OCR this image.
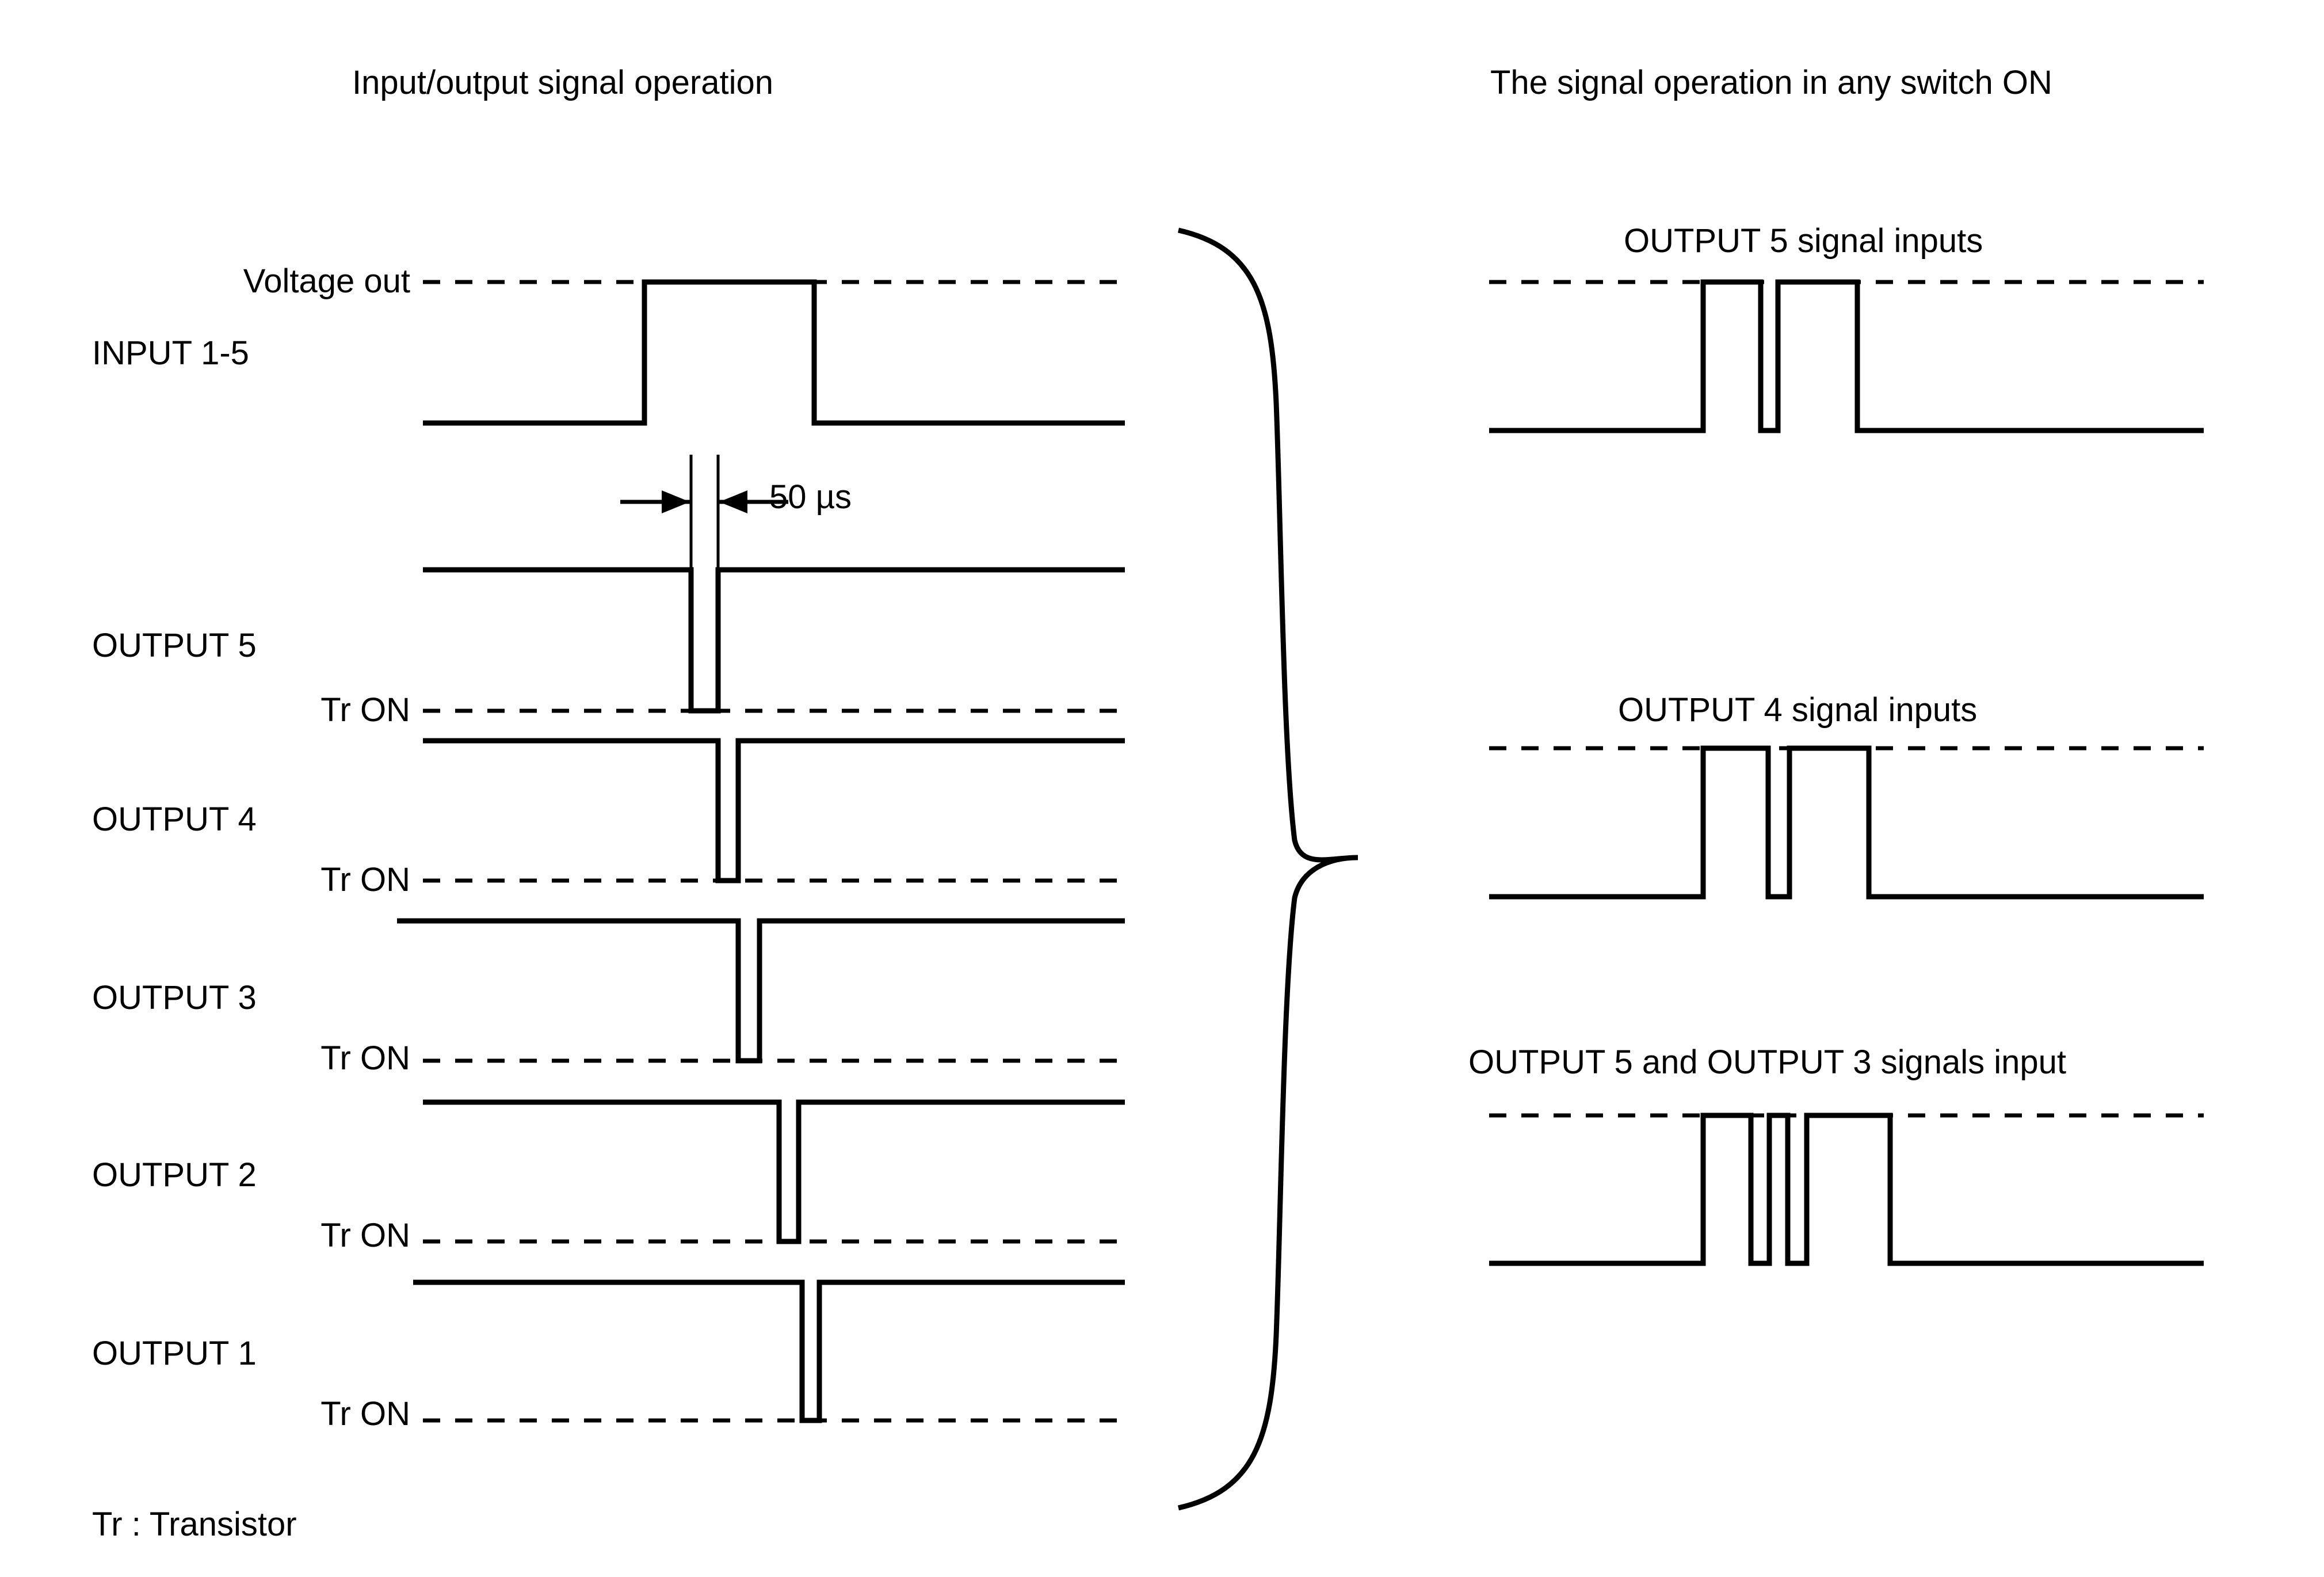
Input/output signal operation	The signal operation in any switch ON
Voltage out
INPUT 1-5
50 µs
OUTPUT 5
Tr ON
OUTPUT 4
Tr ON
OUTPUT 3
Tr ON
OUTPUT 2
Tr ON
OUTPUT 1
Tr ON
OUTPUT 5 signal inputs
OUTPUT 4 signal inputs
OUTPUT 5 and OUTPUT 3 signals input
Tr : Transistor
